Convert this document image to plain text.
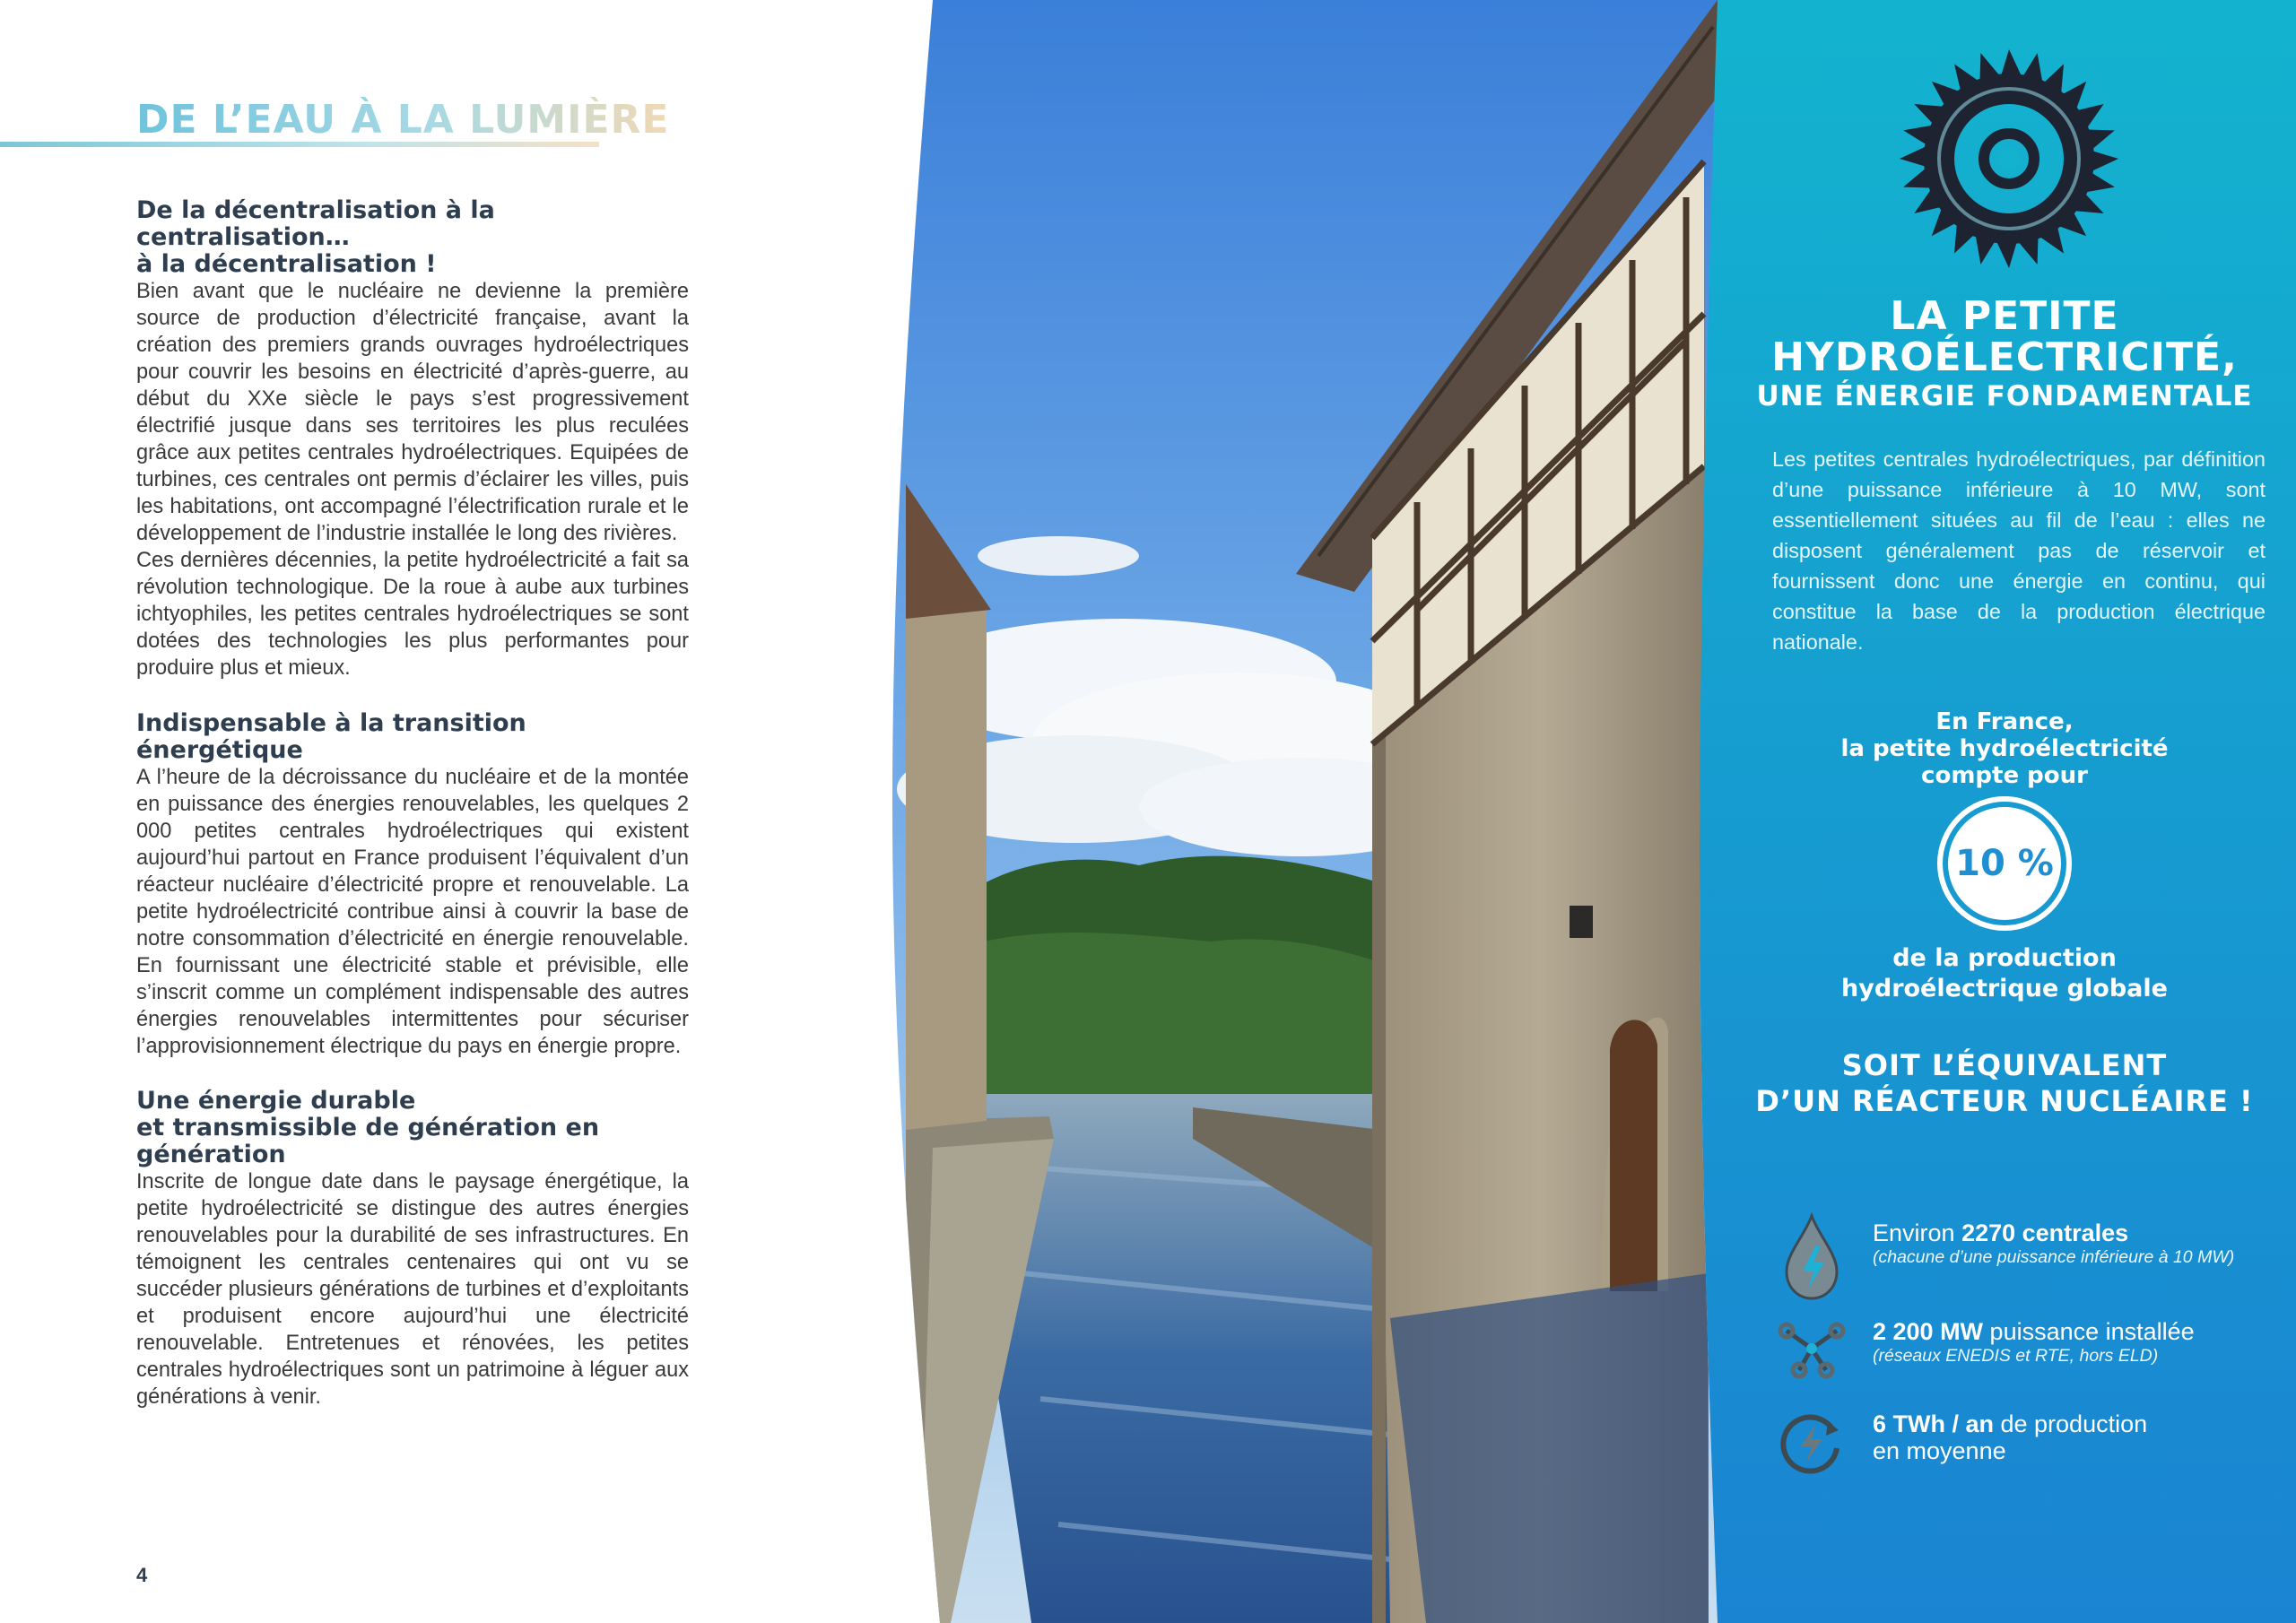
DE L’EAU À LA LUMIÈRE
De la décentralisation à la centralisation…
à la décentralisation !

Bien avant que le nucléaire ne devienne la première source de production d’électricité française, avant la création des premiers grands ouvrages hydroélectriques pour couvrir les besoins en électricité d’après-guerre, au début du XXe siècle le pays s’est progressivement électrifié jusque dans ses territoires les plus reculées grâce aux petites centrales hydroélectriques. Equipées de turbines, ces centrales ont permis d’éclairer les villes, puis les habitations, ont accompagné l’électrification rurale et le développement de l’industrie installée le long des rivières.

Ces dernières décennies, la petite hydroélectricité a fait sa révolution technologique. De la roue à aube aux turbines ichtyophiles, les petites centrales hydroélectriques se sont dotées des technologies les plus performantes pour produire plus et mieux.

Indispensable à la transition énergétique

A l’heure de la décroissance du nucléaire et de la montée en puissance des énergies renouvelables, les quelques 2 000 petites centrales hydroélectriques qui existent aujourd’hui partout en France produisent l’équivalent d’un réacteur nucléaire d’électricité propre et renouvelable. La petite hydroélectricité contribue ainsi à couvrir la base de notre consommation d’électricité en énergie renouvelable. En fournissant une électricité stable et prévisible, elle s’inscrit comme un complément indispensable des autres énergies renouvelables intermittentes pour sécuriser l’approvisionnement électrique du pays en énergie propre.

Une énergie durable
et transmissible de génération en génération

Inscrite de longue date dans le paysage énergétique, la petite hydroélectricité se distingue des autres énergies renouvelables pour la durabilité de ses infrastructures. En témoignent les centrales centenaires qui ont vu se succéder plusieurs générations de turbines et d’exploitants et produisent encore aujourd’hui une électricité renouvelable. Entretenues et rénovées, les petites centrales hydroélectriques sont un patrimoine à léguer aux générations à venir.

4
LA PETITE
HYDROÉLECTRICITÉ,
UNE ÉNERGIE FONDAMENTALE

Les petites centrales hydroélectriques, par définition d’une puissance inférieure à 10 MW, sont essentiellement situées au fil de l’eau : elles ne disposent généralement pas de réservoir et fournissent donc une énergie en continu, qui constitue la base de la production électrique nationale.

En France,
la petite hydroélectricité
compte pour
10 %
de la production
hydroélectrique globale
SOIT L’ÉQUIVALENT
D’UN RÉACTEUR NUCLÉAIRE !
Environ 2270 centrales
(chacune d’une puissance inférieure à 10 MW)
2 200 MW puissance installée
(réseaux ENEDIS et RTE, hors ELD)
6 TWh / an de production
en moyenne
